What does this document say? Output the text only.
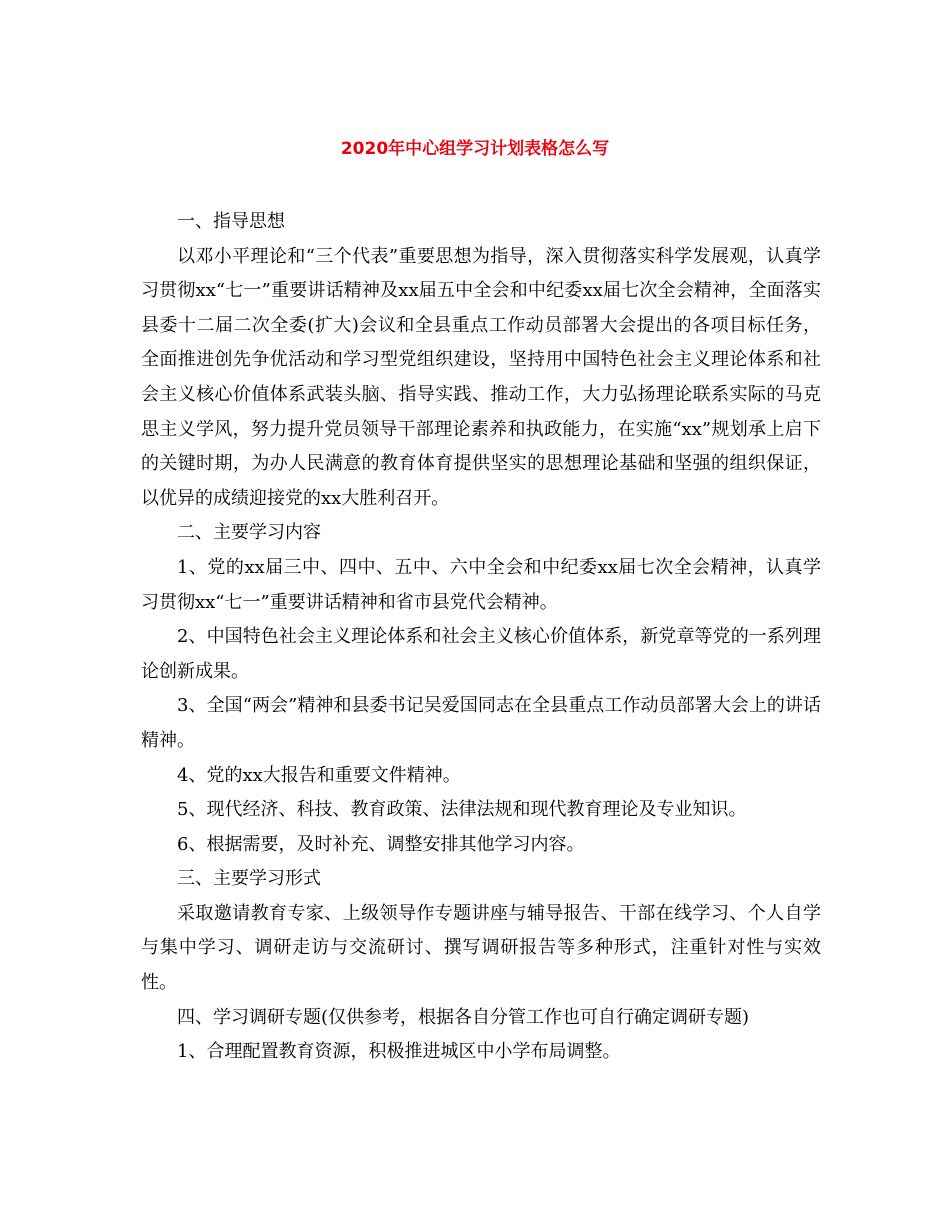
2020年中心组学习计划表格怎么写

一、指导思想

以邓小平理论和“三个代表”重要思想为指导，深入贯彻落实科学发展观，认真学习贯彻xx“七一”重要讲话精神及xx届五中全会和中纪委xx届七次全会精神，全面落实县委十二届二次全委(扩大)会议和全县重点工作动员部署大会提出的各项目标任务，全面推进创先争优活动和学习型党组织建设，坚持用中国特色社会主义理论体系和社会主义核心价值体系武装头脑、指导实践、推动工作，大力弘扬理论联系实际的马克思主义学风，努力提升党员领导干部理论素养和执政能力，在实施“xx”规划承上启下的关键时期，为办人民满意的教育体育提供坚实的思想理论基础和坚强的组织保证，以优异的成绩迎接党的xx大胜利召开。

二、主要学习内容

1、党的xx届三中、四中、五中、六中全会和中纪委xx届七次全会精神，认真学习贯彻xx“七一”重要讲话精神和省市县党代会精神。

2、中国特色社会主义理论体系和社会主义核心价值体系，新党章等党的一系列理论创新成果。

3、全国“两会”精神和县委书记吴爱国同志在全县重点工作动员部署大会上的讲话精神。

4、党的xx大报告和重要文件精神。

5、现代经济、科技、教育政策、法律法规和现代教育理论及专业知识。

6、根据需要，及时补充、调整安排其他学习内容。

三、主要学习形式

采取邀请教育专家、上级领导作专题讲座与辅导报告、干部在线学习、个人自学与集中学习、调研走访与交流研讨、撰写调研报告等多种形式，注重针对性与实效性。

四、学习调研专题(仅供参考，根据各自分管工作也可自行确定调研专题)

1、合理配置教育资源，积极推进城区中小学布局调整。
